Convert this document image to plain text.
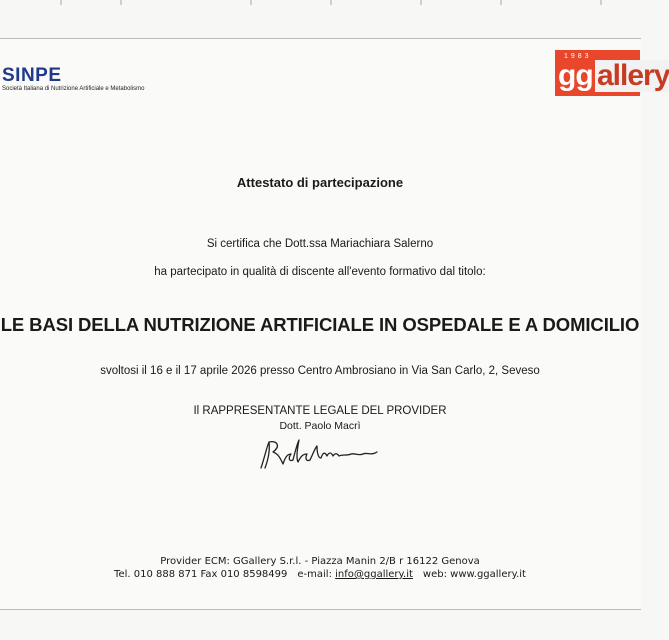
SINPE
Società Italiana di Nutrizione Artificiale e Metabolismo
1983
gg allery
Attestato di partecipazione
Si certifica che Dott.ssa Mariachiara Salerno
ha partecipato in qualità di discente all'evento formativo dal titolo:
LE BASI DELLA NUTRIZIONE ARTIFICIALE IN OSPEDALE E A DOMICILIO
svoltosi il 16 e il 17 aprile 2026 presso Centro Ambrosiano in Via San Carlo, 2, Seveso
Il RAPPRESENTANTE LEGALE DEL PROVIDER
Dott. Paolo Macrì
Provider ECM: GGallery S.r.l. - Piazza Manin 2/B r 16122 Genova
Tel. 010 888 871 Fax 010 8598499 e-mail: info@ggallery.it web: www.ggallery.it
